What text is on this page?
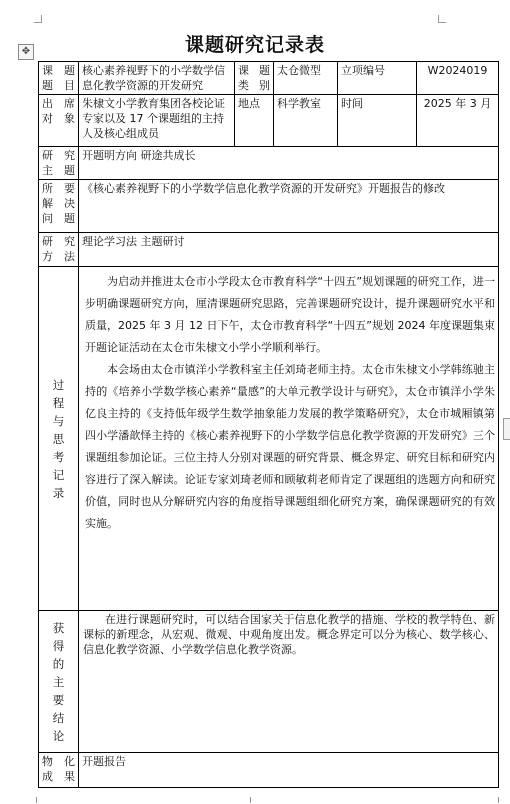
✥	课题研究记录表
课 题题目	核心素养视野下的小学数学信息化教学资源的开发研究	课 题类别	太仓微型	立项编号	W2024019
出 席对象	朱棣文小学教育集团各校论证专家以及 17 个课题组的主持人及核心组成员	地点	科学教室	时间	2025 年 3 月
研 究主题	开题明方向 研途共成长				
所 要解 决问题	《核心素养视野下的小学数学信息化教学资源的开发研究》开题报告的修改				
研 究方法	理论学习法 主题研讨				
过程与思考记录	为启动并推进太仓市小学段太仓市教育科学“十四五”规划课题的研究工作，进一步明确课题研究方向，厘清课题研究思路，完善课题研究设计，提升课题研究水平和质量，2025 年 3 月 12 日下午，太仓市教育科学“十四五”规划 2024 年度课题集束开题论证活动在太仓市朱棣文小学小学顺利举行。

本会场由太仓市镇洋小学教科室主任刘琦老师主持。太仓市朱棣文小学韩练驰主持的《培养小学数学核心素养“量感”的大单元教学设计与研究》，太仓市镇洋小学朱亿良主持的《支持低年级学生数学抽象能力发展的教学策略研究》，太仓市城厢镇第四小学潘歆怿主持的《核心素养视野下的小学数学信息化教学资源的开发研究》三个课题组参加论证。三位主持人分别对课题的研究背景、概念界定、研究目标和研究内容进行了深入解读。论证专家刘琦老师和顾敏莉老师肯定了课题组的选题方向和研究价值，同时也从分解研究内容的角度指导课题组细化研究方案，确保课题研究的有效实施。				

获得的主要结论	在进行课题研究时，可以结合国家关于信息化教学的措施、学校的教学特色、新课标的新理念，从宏观、微观、中观角度出发。概念界定可以分为核心、数学核心、信息化教学资源、小学数学信息化教学资源。				

物 化成果	开题报告				
